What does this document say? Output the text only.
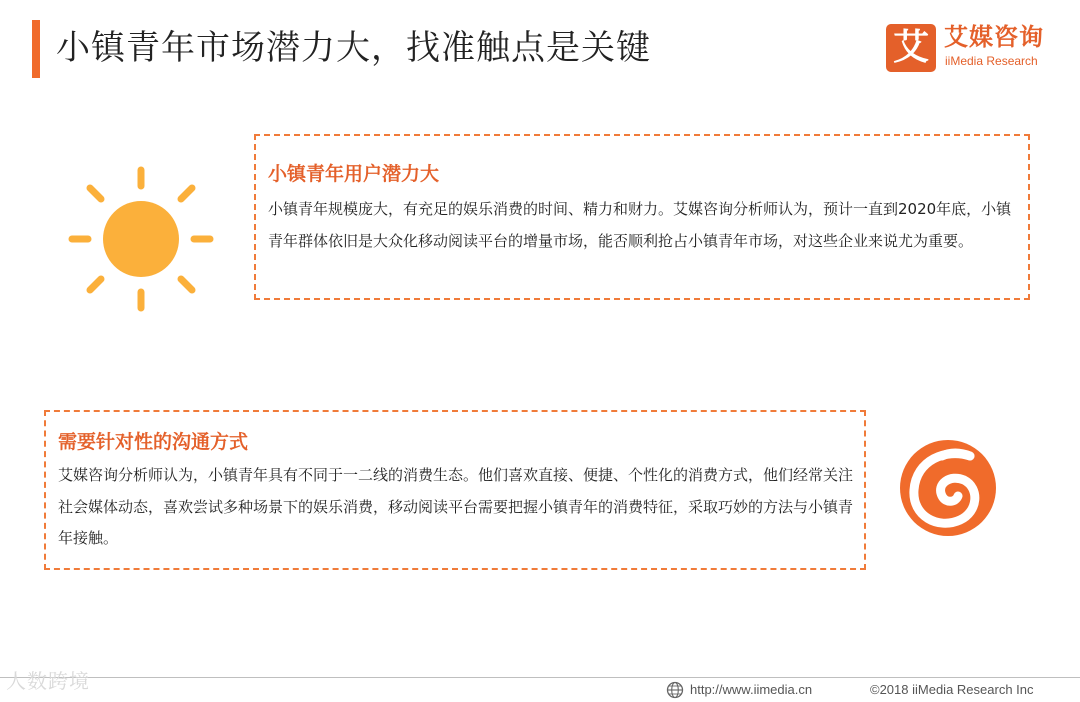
小镇青年市场潜力大，找准触点是关键	艾 艾媒咨询
iiMedia Research
小镇青年用户潜力大
小镇青年规模庞大，有充足的娱乐消费的时间、精力和财力。艾媒咨询分析师认为，预计一直到2020年底，小镇青年群体依旧是大众化移动阅读平台的增量市场，能否顺利抢占小镇青年市场，对这些企业来说尤为重要。
需要针对性的沟通方式
艾媒咨询分析师认为，小镇青年具有不同于一二线的消费生态。他们喜欢直接、便捷、个性化的消费方式，他们经常关注社会媒体动态，喜欢尝试多种场景下的娱乐消费，移动阅读平台需要把握小镇青年的消费特征，采取巧妙的方法与小镇青年接触。
人数跨境	http://www.iimedia.cn	©2018 iiMedia Research Inc
